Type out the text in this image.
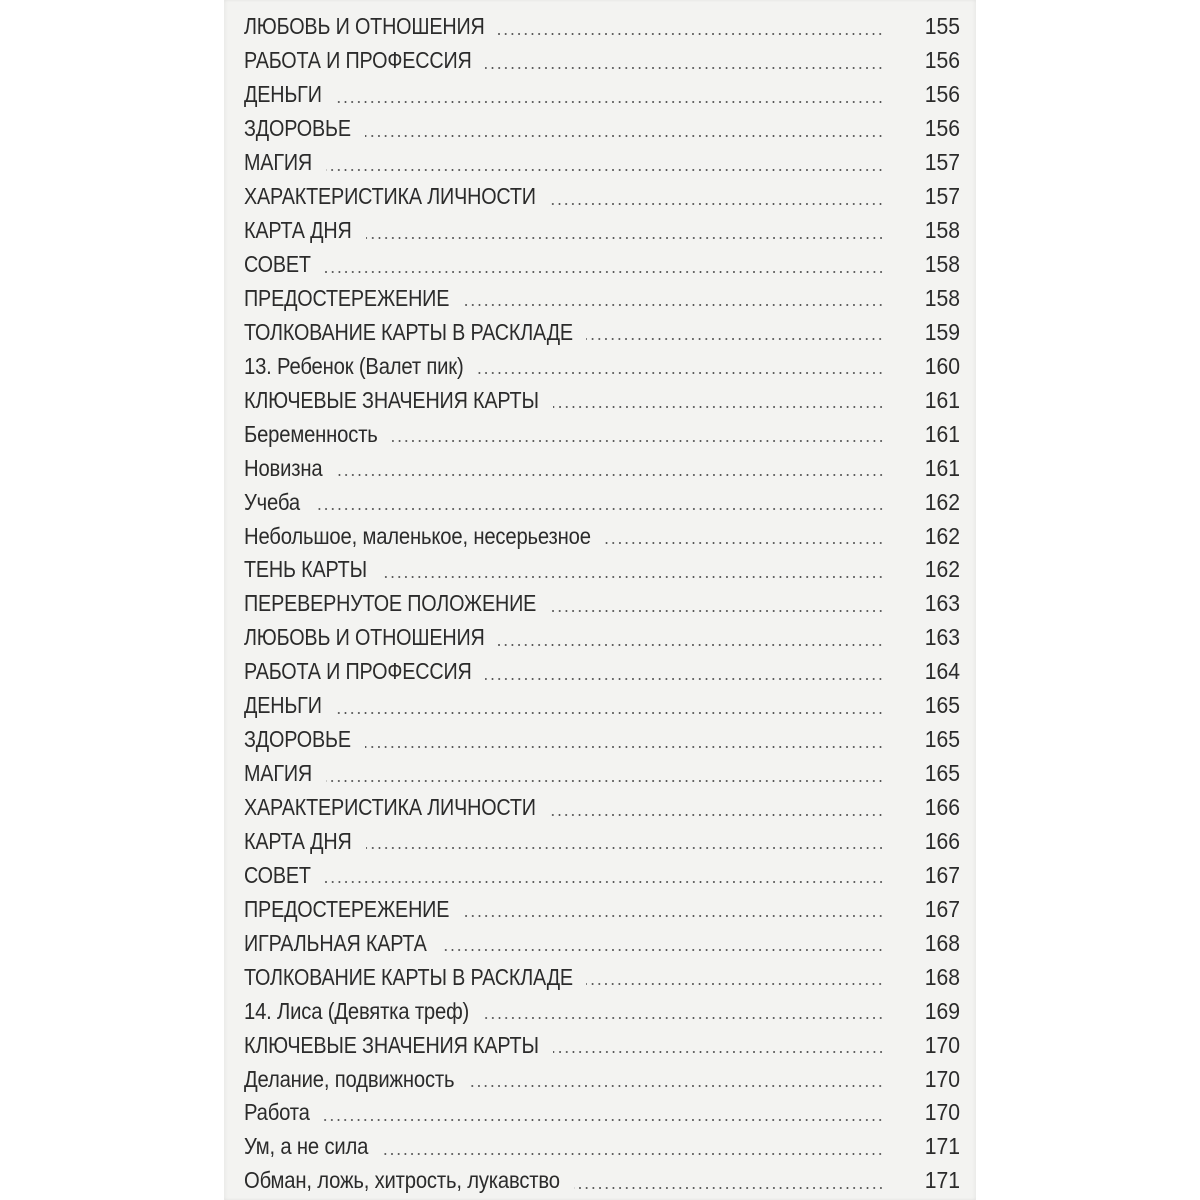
ЛЮБОВЬ И ОТНОШЕНИЯ	155
РАБОТА И ПРОФЕССИЯ	156
ДЕНЬГИ	156
ЗДОРОВЬЕ	156
МАГИЯ	157
ХАРАКТЕРИСТИКА ЛИЧНОСТИ	157
КАРТА ДНЯ	158
СОВЕТ	158
ПРЕДОСТЕРЕЖЕНИЕ	158
ТОЛКОВАНИЕ КАРТЫ В РАСКЛАДЕ	159
13. Ребенок (Валет пик)	160
КЛЮЧЕВЫЕ ЗНАЧЕНИЯ КАРТЫ	161
Беременность	161
Новизна	161
Учеба	162
Небольшое, маленькое, несерьезное	162
ТЕНЬ КАРТЫ	162
ПЕРЕВЕРНУТОЕ ПОЛОЖЕНИЕ	163
ЛЮБОВЬ И ОТНОШЕНИЯ	163
РАБОТА И ПРОФЕССИЯ	164
ДЕНЬГИ	165
ЗДОРОВЬЕ	165
МАГИЯ	165
ХАРАКТЕРИСТИКА ЛИЧНОСТИ	166
КАРТА ДНЯ	166
СОВЕТ	167
ПРЕДОСТЕРЕЖЕНИЕ	167
ИГРАЛЬНАЯ КАРТА	168
ТОЛКОВАНИЕ КАРТЫ В РАСКЛАДЕ	168
14. Лиса (Девятка треф)	169
КЛЮЧЕВЫЕ ЗНАЧЕНИЯ КАРТЫ	170
Делание, подвижность	170
Работа	170
Ум, а не сила	171
Обман, ложь, хитрость, лукавство	171
